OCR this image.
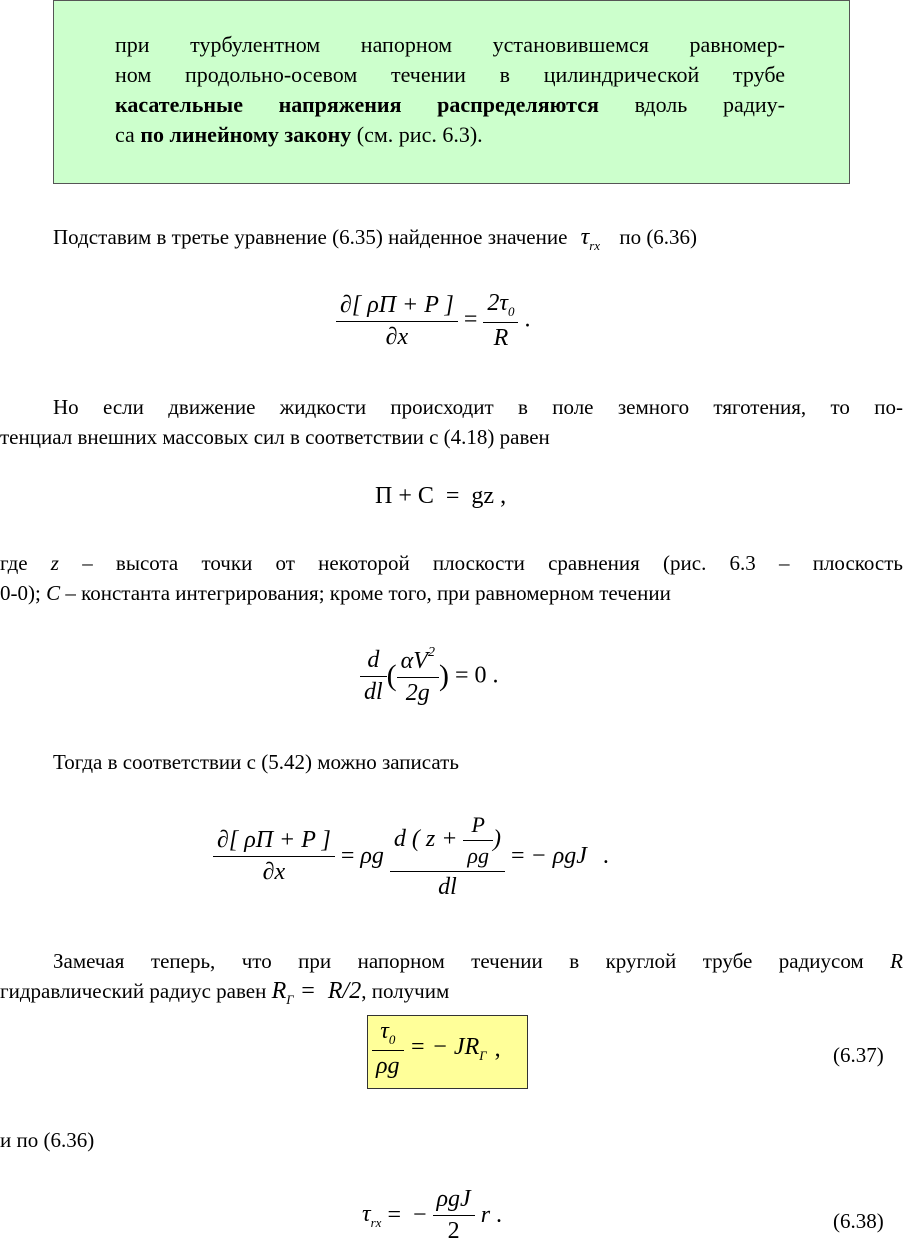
при турбулентном напорном установившемся равномер-
ном продольно-осевом течении в цилиндрической трубе
касательные напряжения распределяются вдоль радиу-
са по линейному закону (см. рис. 6.3).
Подставим в третье уравнение (6.35) найденное значение $\tau_{rx}$ по (6.36)
$\frac{\partial[ \rho\Pi + P ]}{\partial x} = \frac{2\tau_0}{R}$ .
Но если движение жидкости происходит в поле земного тяготения, то по-
тенциал внешних массовых сил в соответствии с (4.18) равен
Π + C  =  gz ,
где z – высота точки от некоторой плоскости сравнения (рис. 6.3 – плоскость
0-0); C – константа интегрирования; кроме того, при равномерном течении
$\frac{d}{dl}$ ( $\frac{\alpha V^2}{2g}$ ) = 0 .
Тогда в соответствии с (5.42) можно записать
$\frac{\partial[ \rho\Pi + P ]}{\partial x} = \rho g \frac{d ( z + \frac{P}{\rho g} )}{dl}$ = − ρgJ .
Замечая теперь, что при напорном течении в круглой трубе радиусом R
гидравлический радиус равен $R_Г = R/2$, получим
$\frac{\tau_0}{\rho g}$ = − $JR_Г$ ,	(6.37)
и по (6.36)
$\tau_{rx}$ =  − $\frac{\text{ρgJ}}{2}$ r .	(6.38)
